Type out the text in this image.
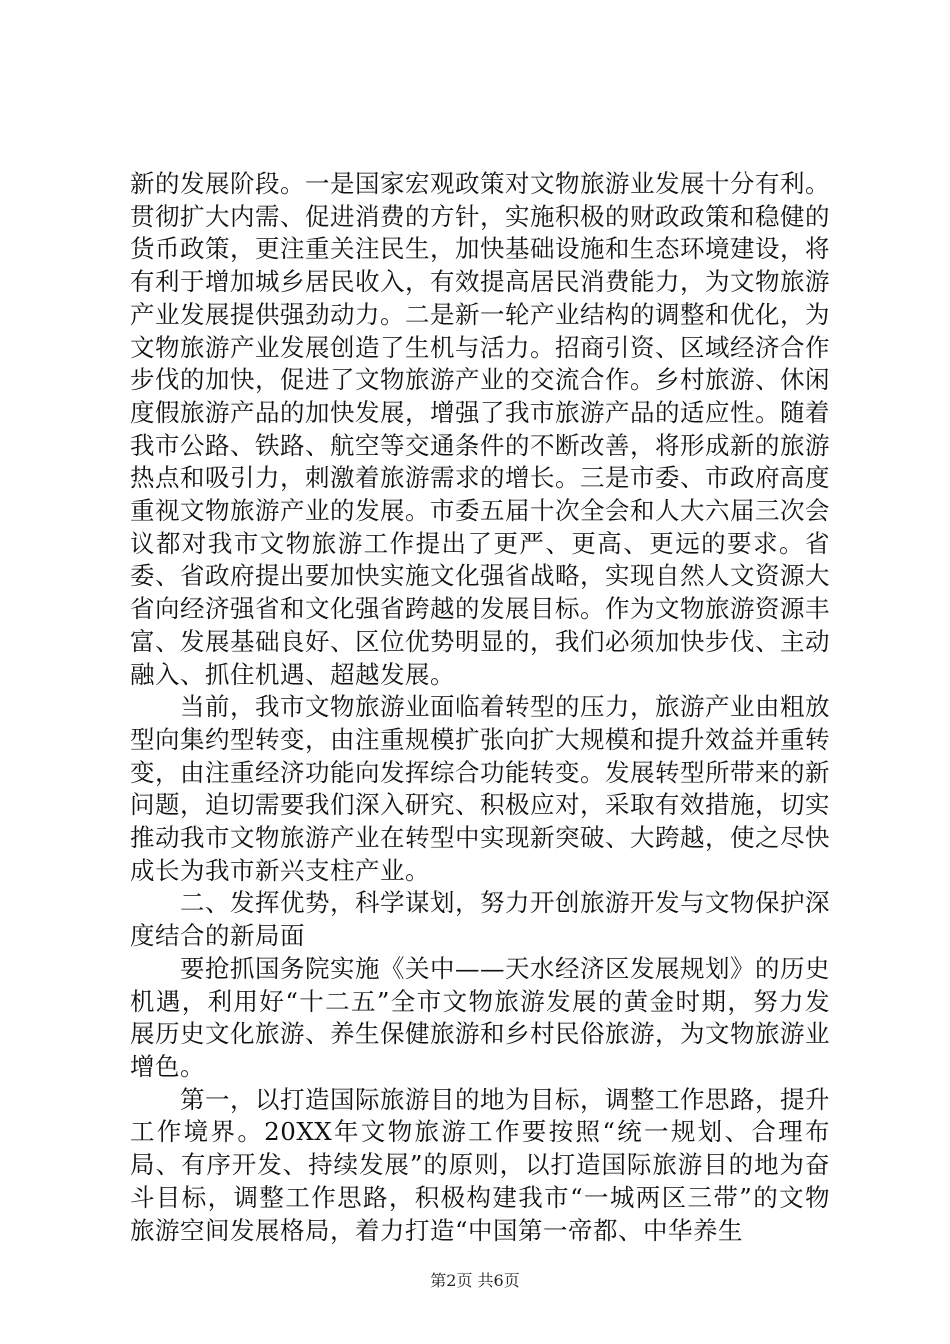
新的发展阶段。一是国家宏观政策对文物旅游业发展十分有利。贯彻扩大内需、促进消费的方针，实施积极的财政政策和稳健的货币政策，更注重关注民生，加快基础设施和生态环境建设，将有利于增加城乡居民收入，有效提高居民消费能力，为文物旅游产业发展提供强劲动力。二是新一轮产业结构的调整和优化，为文物旅游产业发展创造了生机与活力。招商引资、区域经济合作步伐的加快，促进了文物旅游产业的交流合作。乡村旅游、休闲度假旅游产品的加快发展，增强了我市旅游产品的适应性。随着我市公路、铁路、航空等交通条件的不断改善，将形成新的旅游热点和吸引力，刺激着旅游需求的增长。三是市委、市政府高度重视文物旅游产业的发展。市委五届十次全会和人大六届三次会议都对我市文物旅游工作提出了更严、更高、更远的要求。省委、省政府提出要加快实施文化强省战略，实现自然人文资源大省向经济强省和文化强省跨越的发展目标。作为文物旅游资源丰富、发展基础良好、区位优势明显的，我们必须加快步伐、主动融入、抓住机遇、超越发展。

当前，我市文物旅游业面临着转型的压力，旅游产业由粗放型向集约型转变，由注重规模扩张向扩大规模和提升效益并重转变，由注重经济功能向发挥综合功能转变。发展转型所带来的新问题，迫切需要我们深入研究、积极应对，采取有效措施，切实推动我市文物旅游产业在转型中实现新突破、大跨越，使之尽快成长为我市新兴支柱产业。

二、发挥优势，科学谋划，努力开创旅游开发与文物保护深度结合的新局面

要抢抓国务院实施《关中——天水经济区发展规划》的历史机遇，利用好“十二五”全市文物旅游发展的黄金时期，努力发展历史文化旅游、养生保健旅游和乡村民俗旅游，为文物旅游业增色。

第一，以打造国际旅游目的地为目标，调整工作思路，提升工作境界。20XX年文物旅游工作要按照“统一规划、合理布局、有序开发、持续发展”的原则，以打造国际旅游目的地为奋斗目标，调整工作思路，积极构建我市“一城两区三带”的文物旅游空间发展格局，着力打造“中国第一帝都、中华养生

第2页 共6页
